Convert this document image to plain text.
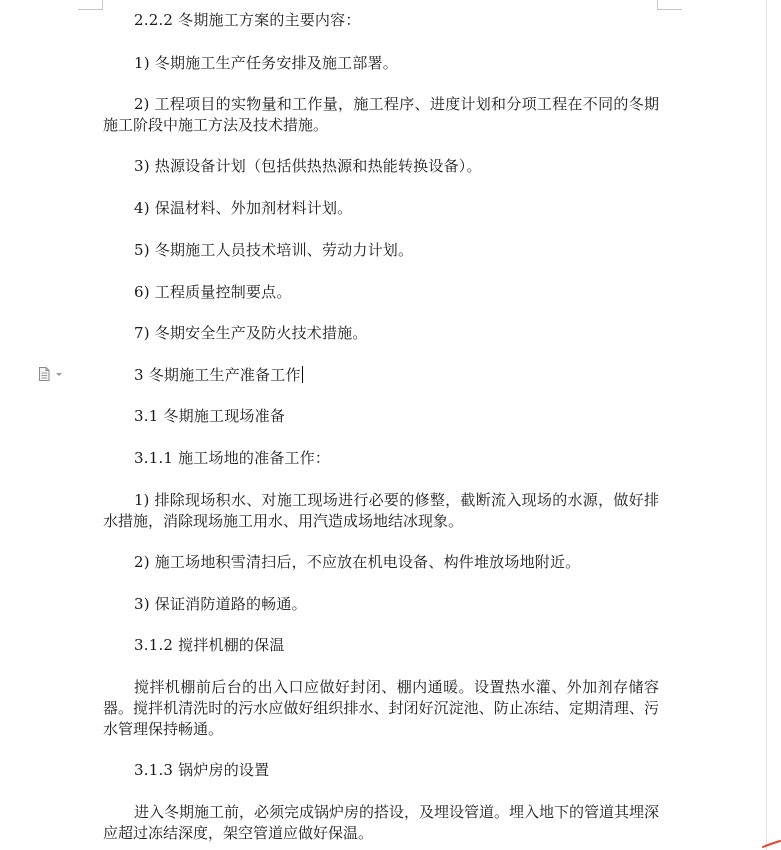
2.2.2 冬期施工方案的主要内容：
1) 冬期施工生产任务安排及施工部署。
2) 工程项目的实物量和工作量，施工程序、进度计划和分项工程在不同的冬期施工阶段中施工方法及技术措施。
3) 热源设备计划（包括供热热源和热能转换设备）。
4) 保温材料、外加剂材料计划。
5) 冬期施工人员技术培训、劳动力计划。
6) 工程质量控制要点。
7) 冬期安全生产及防火技术措施。
3 冬期施工生产准备工作
3.1 冬期施工现场准备
3.1.1 施工场地的准备工作：
1) 排除现场积水、对施工现场进行必要的修整，截断流入现场的水源，做好排水措施，消除现场施工用水、用汽造成场地结冰现象。
2) 施工场地积雪清扫后，不应放在机电设备、构件堆放场地附近。
3) 保证消防道路的畅通。
3.1.2 搅拌机棚的保温
搅拌机棚前后台的出入口应做好封闭、棚内通暖。设置热水灌、外加剂存储容器。搅拌机清洗时的污水应做好组织排水、封闭好沉淀池、防止冻结、定期清理、污水管理保持畅通。
3.1.3 锅炉房的设置
进入冬期施工前，必须完成锅炉房的搭设，及埋设管道。埋入地下的管道其埋深应超过冻结深度，架空管道应做好保温。
